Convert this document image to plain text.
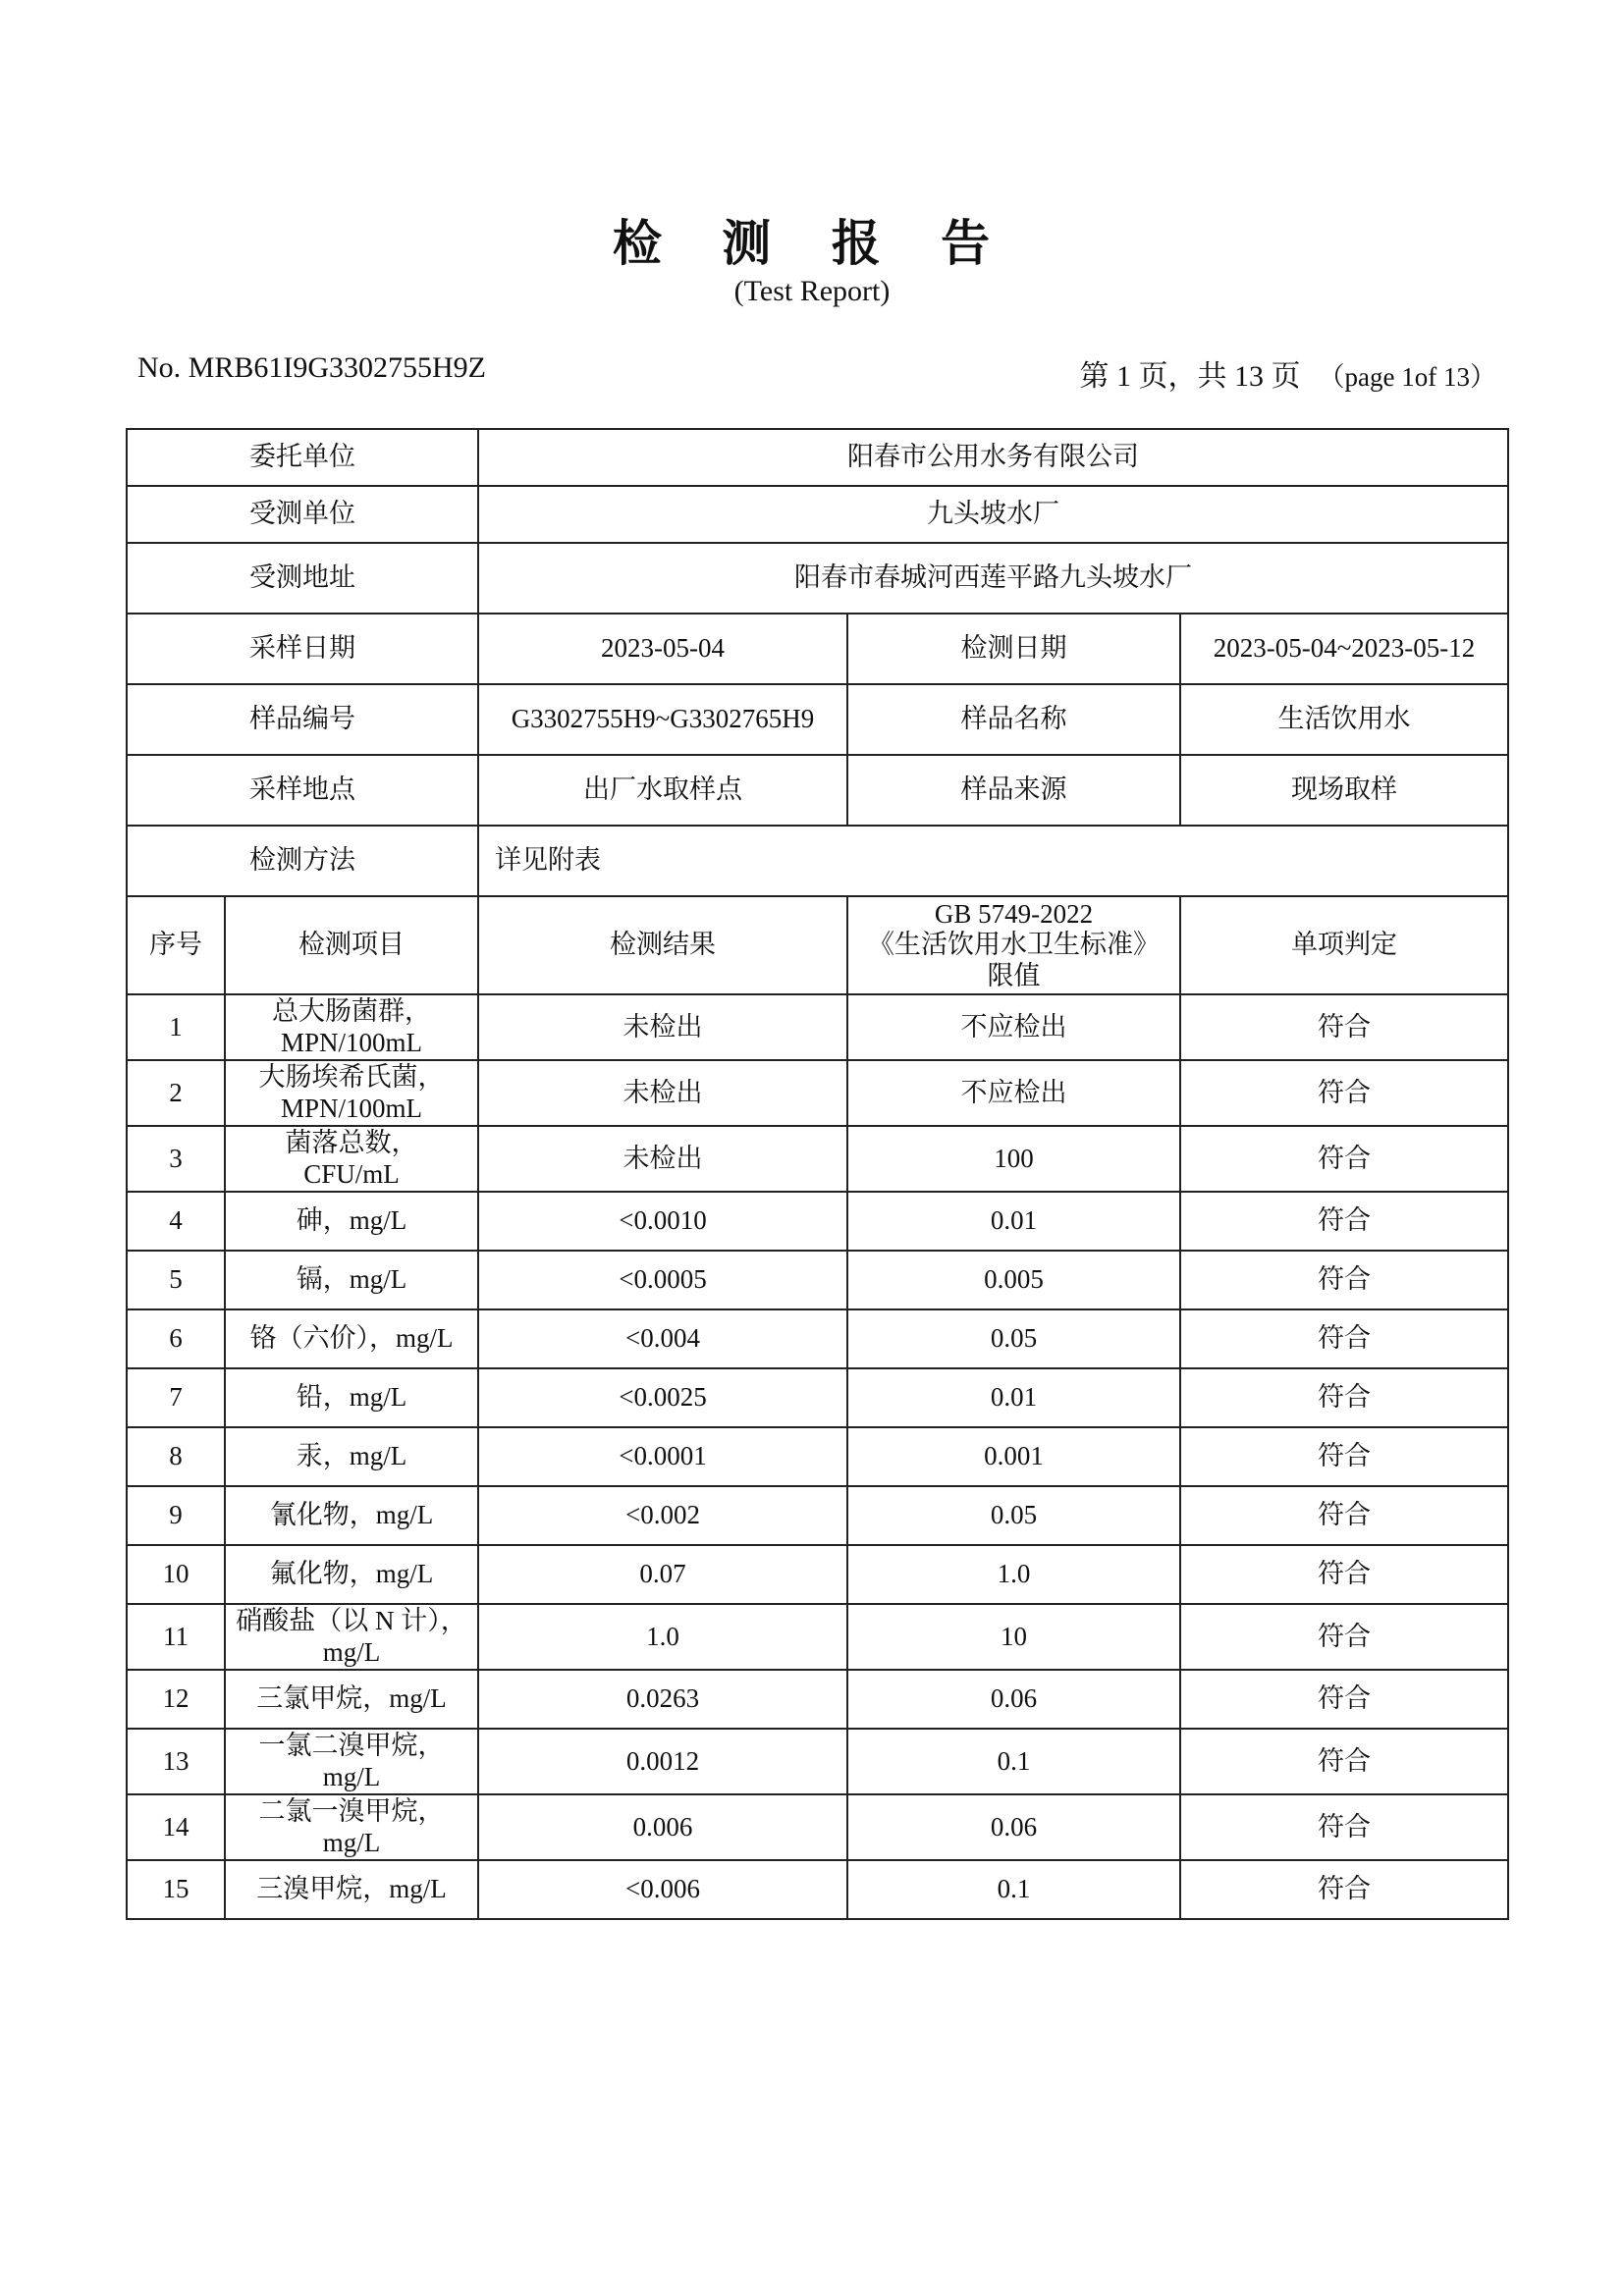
检 测 报 告
(Test Report)
No. MRB61I9G3302755H9Z	第 1 页，共 13 页 （page 1of 13）
委托单位		阳春市公用水务有限公司		
受测单位		九头坡水厂		
受测地址		阳春市春城河西莲平路九头坡水厂		
采样日期		2023-05-04	检测日期	2023-05-04~2023-05-12
样品编号		G3302755H9~G3302765H9	样品名称	生活饮用水
采样地点		出厂水取样点	样品来源	现场取样
检测方法		详见附表		
序号	检测项目	检测结果	GB 5749-2022
《生活饮用水卫生标准》
限值	单项判定
1	总大肠菌群，
MPN/100mL	未检出	不应检出	符合
2	大肠埃希氏菌，
MPN/100mL	未检出	不应检出	符合
3	菌落总数，
CFU/mL	未检出	100	符合
4	砷，mg/L	<0.0010	0.01	符合
5	镉，mg/L	<0.0005	0.005	符合
6	铬（六价），mg/L	<0.004	0.05	符合
7	铅，mg/L	<0.0025	0.01	符合
8	汞，mg/L	<0.0001	0.001	符合
9	氰化物，mg/L	<0.002	0.05	符合
10	氟化物，mg/L	0.07	1.0	符合
11	硝酸盐（以 N 计），
mg/L	1.0	10	符合
12	三氯甲烷，mg/L	0.0263	0.06	符合
13	一氯二溴甲烷，
mg/L	0.0012	0.1	符合
14	二氯一溴甲烷，
mg/L	0.006	0.06	符合
15	三溴甲烷，mg/L	<0.006	0.1	符合
